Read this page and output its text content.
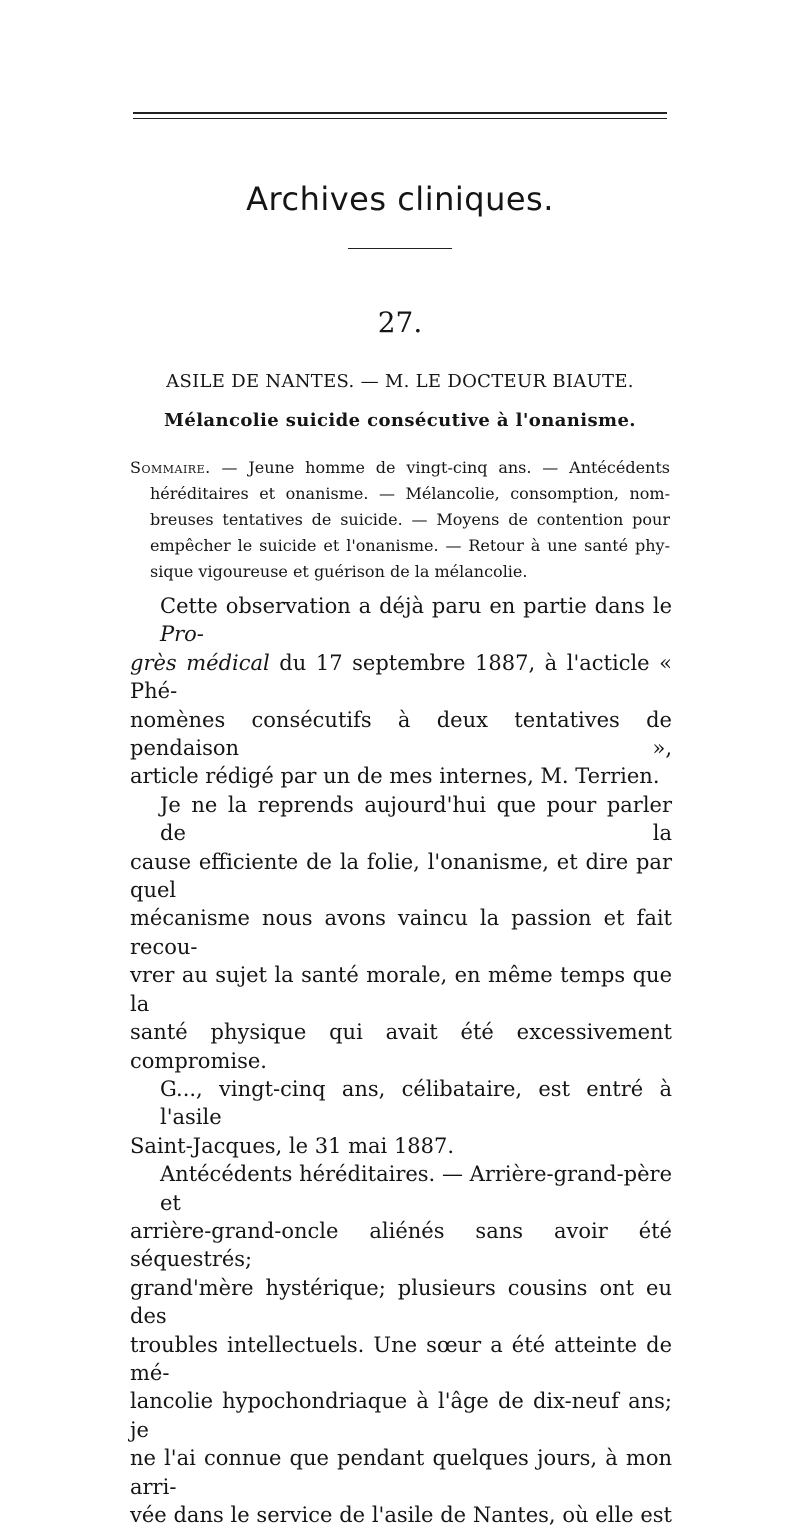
Archives cliniques.
27.
ASILE DE NANTES. — M. LE DOCTEUR BIAUTE.
Mélancolie suicide consécutive à l'onanisme.
Sommaire. — Jeune homme de vingt-cinq ans. — Antécédents
héréditaires et onanisme. — Mélancolie, consomption, nom-
breuses tentatives de suicide. — Moyens de contention pour
empêcher le suicide et l'onanisme. — Retour à une santé phy-
sique vigoureuse et guérison de la mélancolie.
Cette observation a déjà paru en partie dans le Pro-
grès médical du 17 septembre 1887, à l'acticle « Phé-
nomènes consécutifs à deux tentatives de pendaison »,
article rédigé par un de mes internes, M. Terrien.
Je ne la reprends aujourd'hui que pour parler de la
cause efficiente de la folie, l'onanisme, et dire par quel
mécanisme nous avons vaincu la passion et fait recou-
vrer au sujet la santé morale, en même temps que la
santé physique qui avait été excessivement compromise.
G..., vingt-cinq ans, célibataire, est entré à l'asile
Saint-Jacques, le 31 mai 1887.
Antécédents héréditaires. — Arrière-grand-père et
arrière-grand-oncle aliénés sans avoir été séquestrés;
grand'mère hystérique; plusieurs cousins ont eu des
troubles intellectuels. Une sœur a été atteinte de mé-
lancolie hypochondriaque à l'âge de dix-neuf ans; je
ne l'ai connue que pendant quelques jours, à mon arri-
vée dans le service de l'asile de Nantes, où elle est
